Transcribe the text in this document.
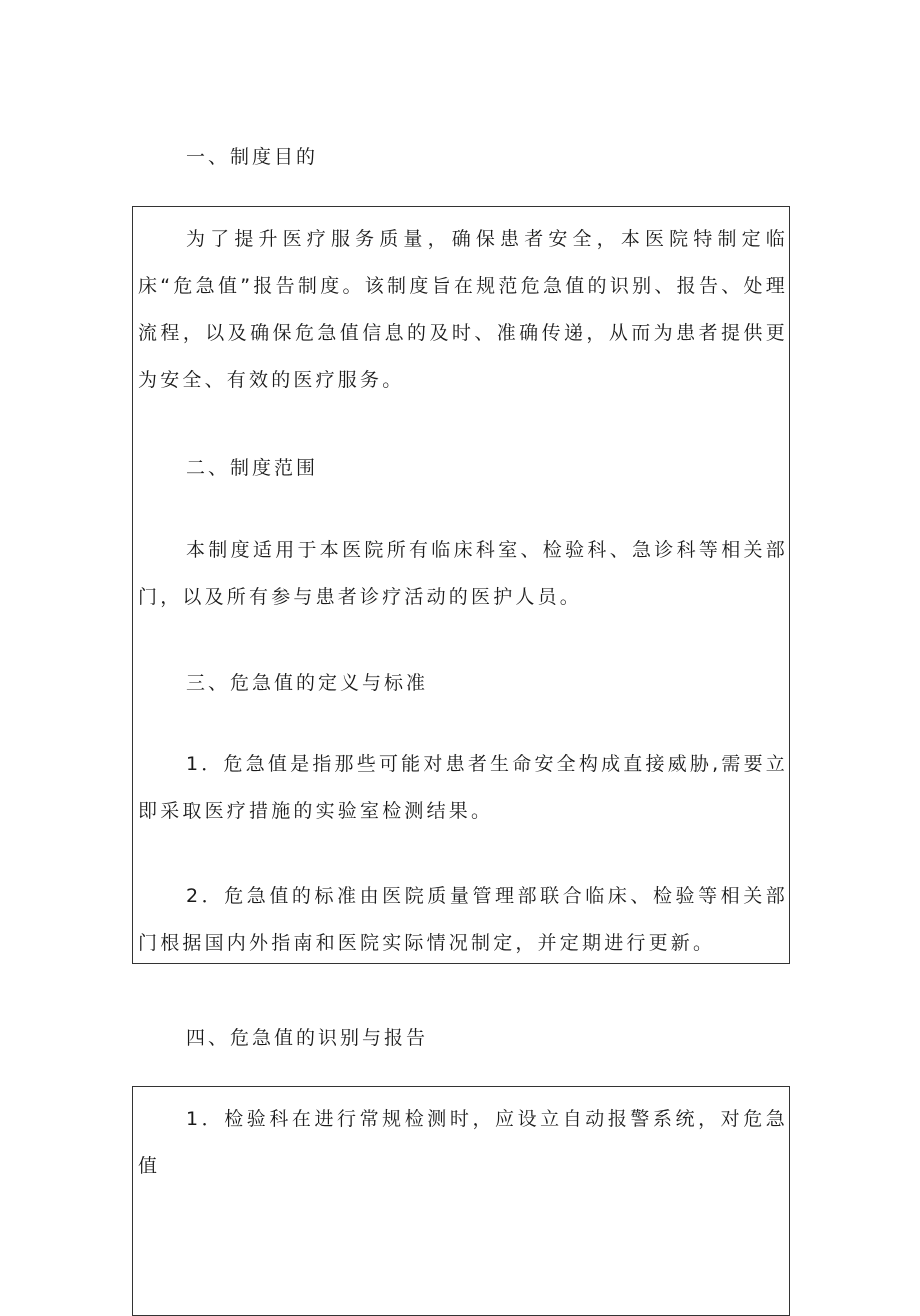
一、制度目的

为了提升医疗服务质量，确保患者安全，本医院特制定临床“危急值”报告制度。该制度旨在规范危急值的识别、报告、处理流程，以及确保危急值信息的及时、准确传递，从而为患者提供更为安全、有效的医疗服务。

二、制度范围

本制度适用于本医院所有临床科室、检验科、急诊科等相关部门，以及所有参与患者诊疗活动的医护人员。

三、危急值的定义与标准

1．危急值是指那些可能对患者生命安全构成直接威胁,需要立即采取医疗措施的实验室检测结果。

2．危急值的标准由医院质量管理部联合临床、检验等相关部门根据国内外指南和医院实际情况制定，并定期进行更新。

四、危急值的识别与报告

1．检验科在进行常规检测时，应设立自动报警系统，对危急值
